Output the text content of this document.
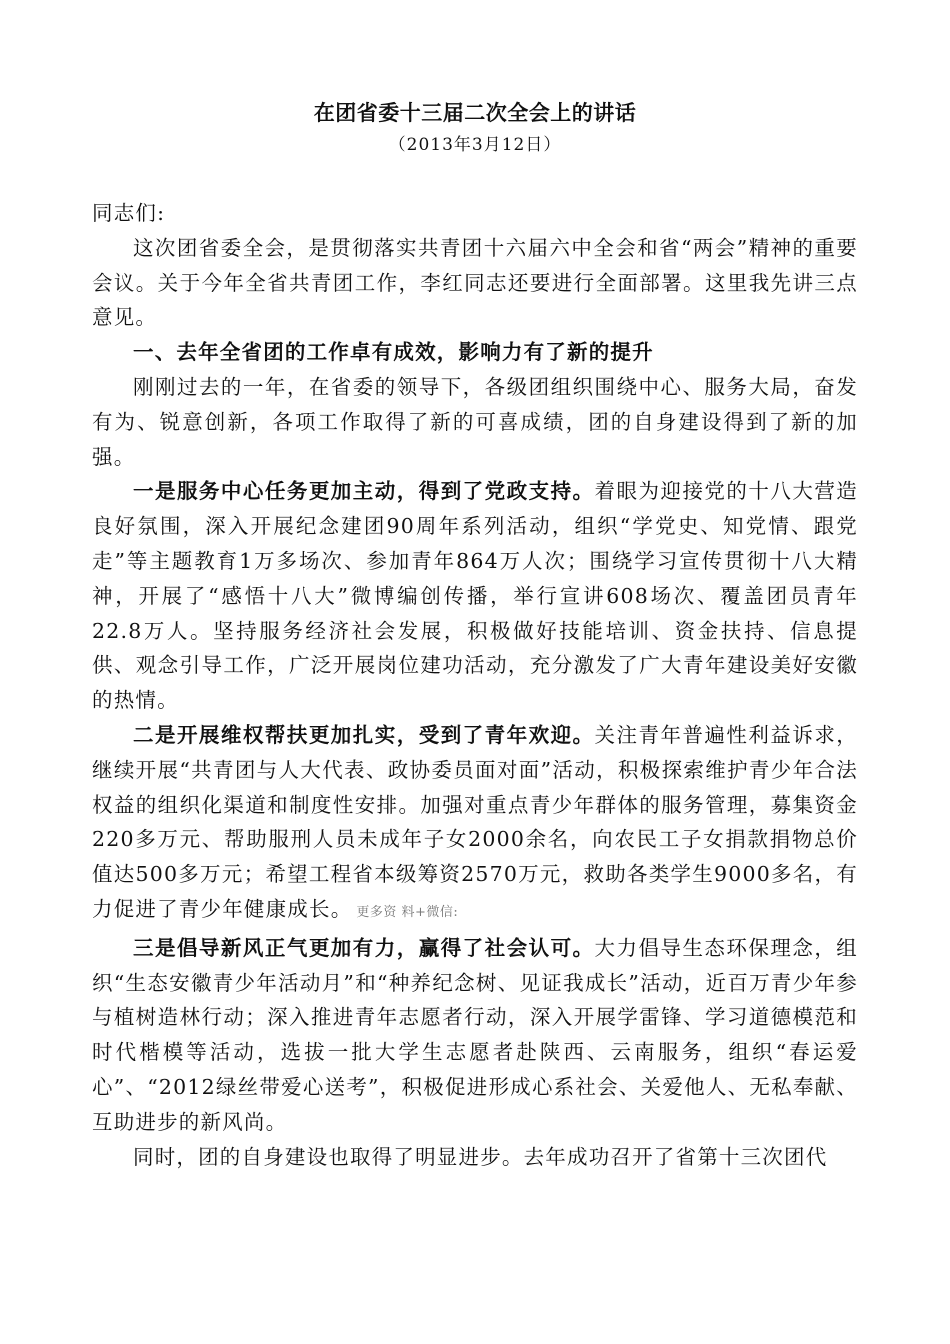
在团省委十三届二次全会上的讲话
（2013年3月12日）

同志们:

这次团省委全会，是贯彻落实共青团十六届六中全会和省“两会”精神的重要会议。关于今年全省共青团工作，李红同志还要进行全面部署。这里我先讲三点意见。

一、去年全省团的工作卓有成效，影响力有了新的提升

刚刚过去的一年，在省委的领导下，各级团组织围绕中心、服务大局，奋发有为、锐意创新，各项工作取得了新的可喜成绩，团的自身建设得到了新的加强。

一是服务中心任务更加主动，得到了党政支持。着眼为迎接党的十八大营造良好氛围，深入开展纪念建团90周年系列活动，组织“学党史、知党情、跟党走”等主题教育1万多场次、参加青年864万人次；围绕学习宣传贯彻十八大精神，开展了“感悟十八大”微博编创传播，举行宣讲608场次、覆盖团员青年22.8万人。坚持服务经济社会发展，积极做好技能培训、资金扶持、信息提供、观念引导工作，广泛开展岗位建功活动，充分激发了广大青年建设美好安徽的热情。

二是开展维权帮扶更加扎实，受到了青年欢迎。关注青年普遍性利益诉求，继续开展“共青团与人大代表、政协委员面对面”活动，积极探索维护青少年合法权益的组织化渠道和制度性安排。加强对重点青少年群体的服务管理，募集资金220多万元、帮助服刑人员未成年子女2000余名，向农民工子女捐款捐物总价值达500多万元；希望工程省本级筹资2570万元，救助各类学生9000多名，有力促进了青少年健康成长。 更多资 料+微信:

三是倡导新风正气更加有力，赢得了社会认可。大力倡导生态环保理念，组织“生态安徽青少年活动月”和“种养纪念树、见证我成长”活动，近百万青少年参与植树造林行动；深入推进青年志愿者行动，深入开展学雷锋、学习道德模范和时代楷模等活动，选拔一批大学生志愿者赴陕西、云南服务，组织“春运爱心”、“2012绿丝带爱心送考”，积极促进形成心系社会、关爱他人、无私奉献、互助进步的新风尚。

同时，团的自身建设也取得了明显进步。去年成功召开了省第十三次团代
